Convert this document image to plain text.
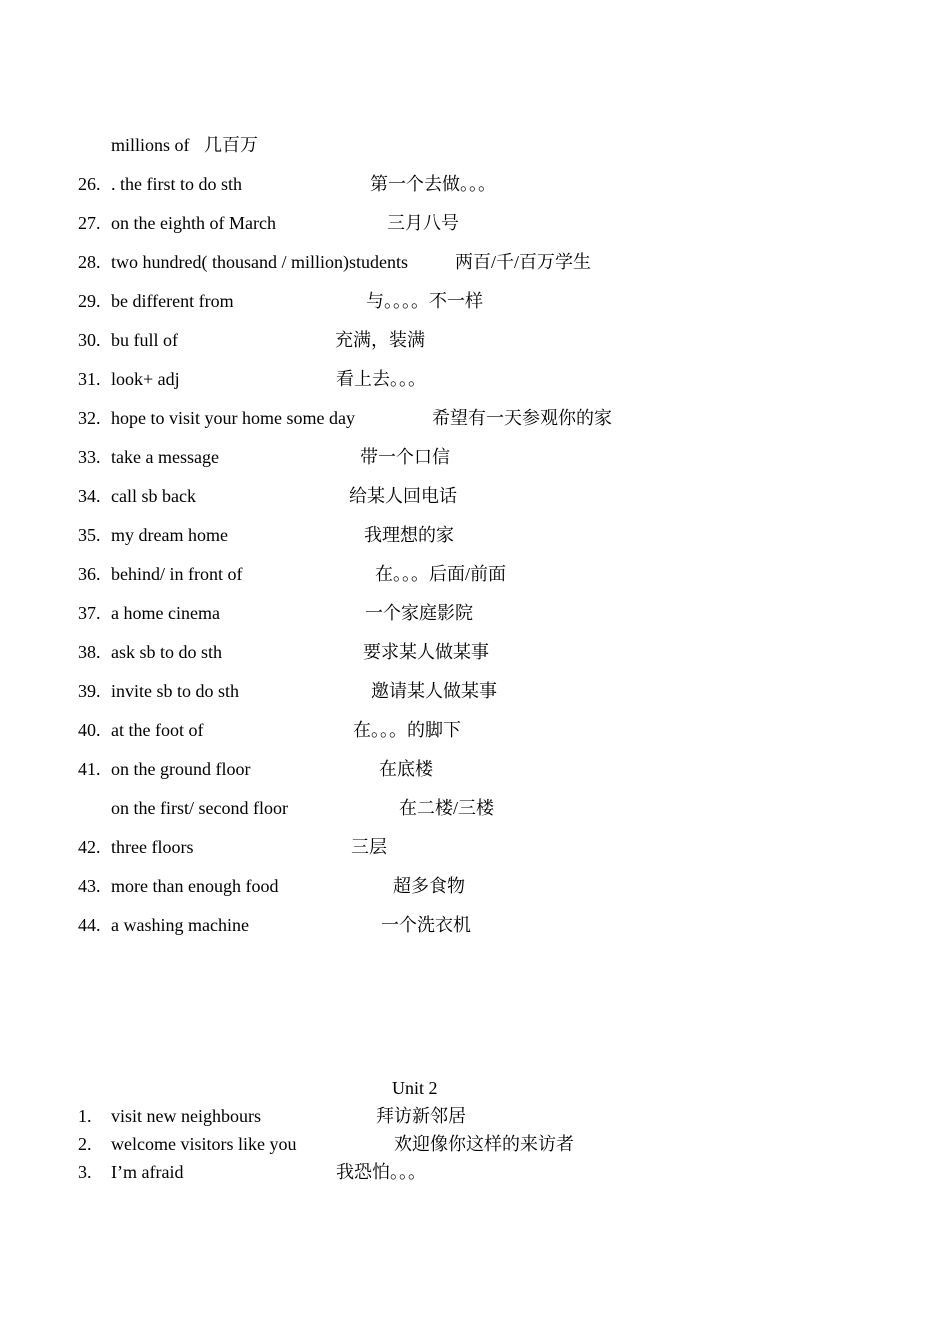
millions of 几百万
26. . the first to do sth	第一个去做。。。
27. on the eighth of March	三月八号
28. two hundred( thousand / million)students	两百/千/百万学生
29. be different from	与。。。。不一样
30. bu full of	充满，装满
31. look+ adj	看上去。。。
32. hope to visit your home some day	希望有一天参观你的家
33. take a message	带一个口信
34. call sb back	给某人回电话
35. my dream home	我理想的家
36. behind/ in front of	在。。。后面/前面
37. a home cinema	一个家庭影院
38. ask sb to do sth	要求某人做某事
39. invite sb to do sth	邀请某人做某事
40. at the foot of	在。。。的脚下
41. on the ground floor	在底楼
on the first/ second floor	在二楼/三楼
42. three floors	三层
43. more than enough food	超多食物
44. a washing machine	一个洗衣机
Unit 2
1. visit new neighbours	拜访新邻居
2. welcome visitors like you	欢迎像你这样的来访者
3. I’m afraid	我恐怕。。。
